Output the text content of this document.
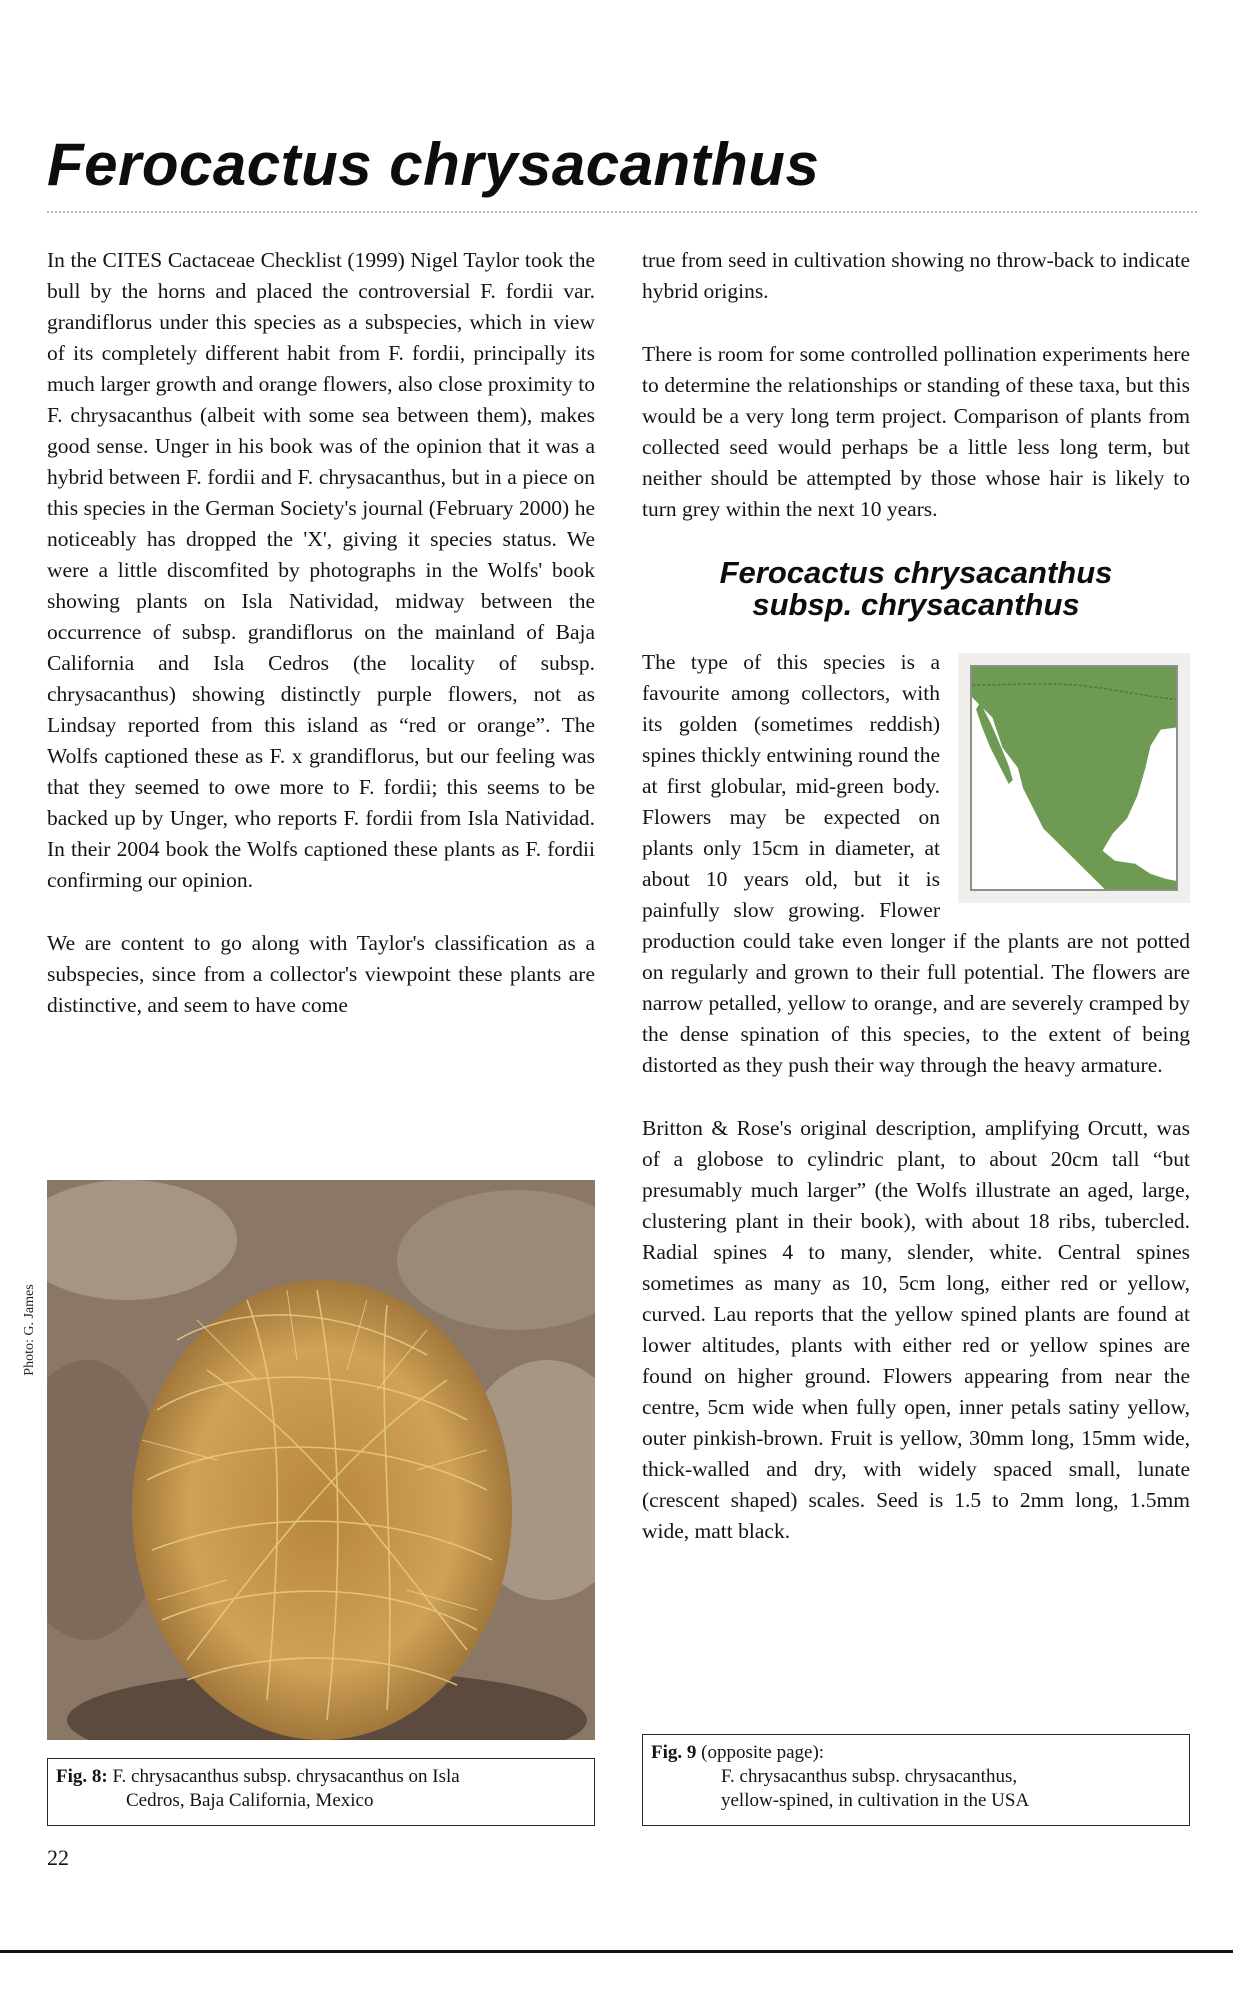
Ferocactus chrysacanthus

In the CITES Cactaceae Checklist (1999) Nigel Taylor took the bull by the horns and placed the controversial F. fordii var. grandiflorus under this species as a subspecies, which in view of its completely different habit from F. fordii, principally its much larger growth and orange flowers, also close proximity to F. chrysacanthus (albeit with some sea between them), makes good sense. Unger in his book was of the opinion that it was a hybrid between F. fordii and F. chrysacanthus, but in a piece on this species in the German Society's journal (February 2000) he noticeably has dropped the 'X', giving it species status. We were a little discomfited by photographs in the Wolfs' book showing plants on Isla Natividad, midway between the occurrence of subsp. grandiflorus on the mainland of Baja California and Isla Cedros (the locality of subsp. chrysacanthus) showing distinctly purple flowers, not as Lindsay reported from this island as “red or orange”. The Wolfs captioned these as F. x grandiflorus, but our feeling was that they seemed to owe more to F. fordii; this seems to be backed up by Unger, who reports F. fordii from Isla Natividad. In their 2004 book the Wolfs captioned these plants as F. fordii confirming our opinion.

We are content to go along with Taylor's classification as a subspecies, since from a collector's viewpoint these plants are distinctive, and seem to have come

true from seed in cultivation showing no throw-back to indicate hybrid origins.

There is room for some controlled pollination experiments here to determine the relationships or standing of these taxa, but this would be a very long term project. Comparison of plants from collected seed would perhaps be a little less long term, but neither should be attempted by those whose hair is likely to turn grey within the next 10 years.

Ferocactus chrysacanthus
subsp. chrysacanthus

The type of this species is a favourite among collectors, with its golden (sometimes reddish) spines thickly entwining round the at first globular, mid-green body. Flowers may be expected on plants only 15cm in diameter, at about 10 years old, but it is painfully slow growing. Flower production could take even longer if the plants are not potted on regularly and grown to their full potential. The flowers are narrow petalled, yellow to orange, and are severely cramped by the dense spination of this species, to the extent of being distorted as they push their way through the heavy armature.

Britton & Rose's original description, amplifying Orcutt, was of a globose to cylindric plant, to about 20cm tall “but presumably much larger” (the Wolfs illustrate an aged, large, clustering plant in their book), with about 18 ribs, tubercled. Radial spines 4 to many, slender, white. Central spines sometimes as many as 10, 5cm long, either red or yellow, curved. Lau reports that the yellow spined plants are found at lower altitudes, plants with either red or yellow spines are found on higher ground. Flowers appearing from near the centre, 5cm wide when fully open, inner petals satiny yellow, outer pinkish-brown. Fruit is yellow, 30mm long, 15mm wide, thick-walled and dry, with widely spaced small, lunate (crescent shaped) scales. Seed is 1.5 to 2mm long, 1.5mm wide, matt black.

Photo: G. James
Fig. 8: F. chrysacanthus subsp. chrysacanthus on Isla
Cedros, Baja California, Mexico
Fig. 9 (opposite page):
F. chrysacanthus subsp. chrysacanthus,
yellow-spined, in cultivation in the USA
22
